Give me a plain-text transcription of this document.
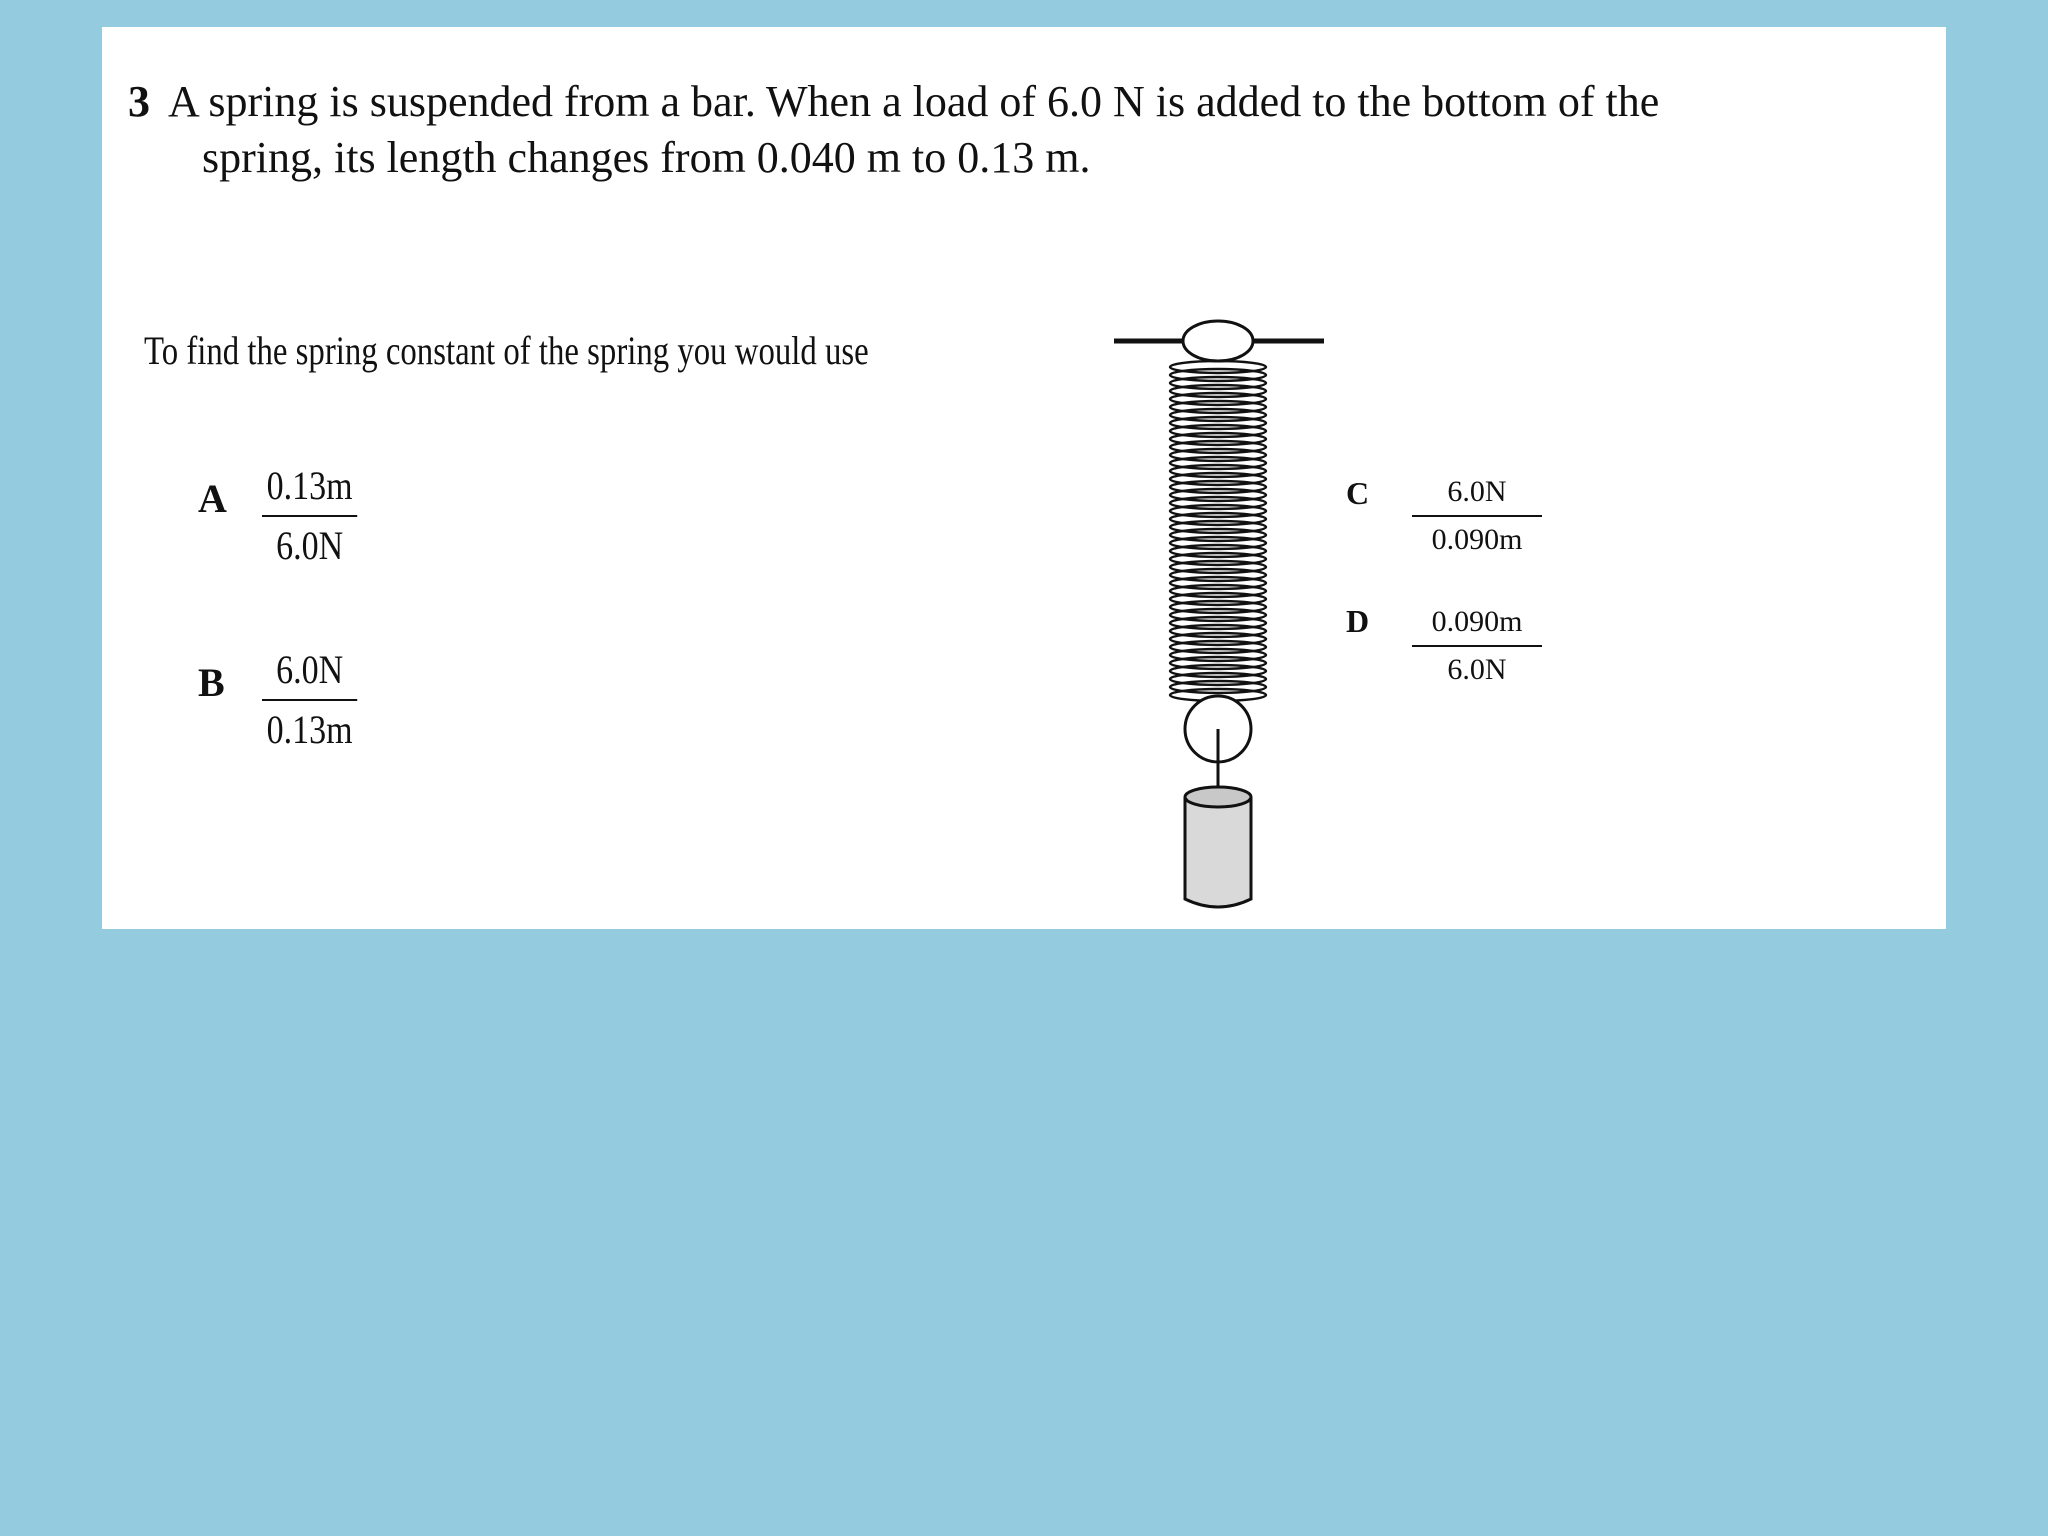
3 A spring is suspended from a bar. When a load of 6.0 N is added to the bottom of the
spring, its length changes from 0.040 m to 0.13 m.
To find the spring constant of the spring you would use
A 0.13m
6.0N
B	6.0N
0.13m
C	6.0N
0.090m
D	0.090m
6.0N
